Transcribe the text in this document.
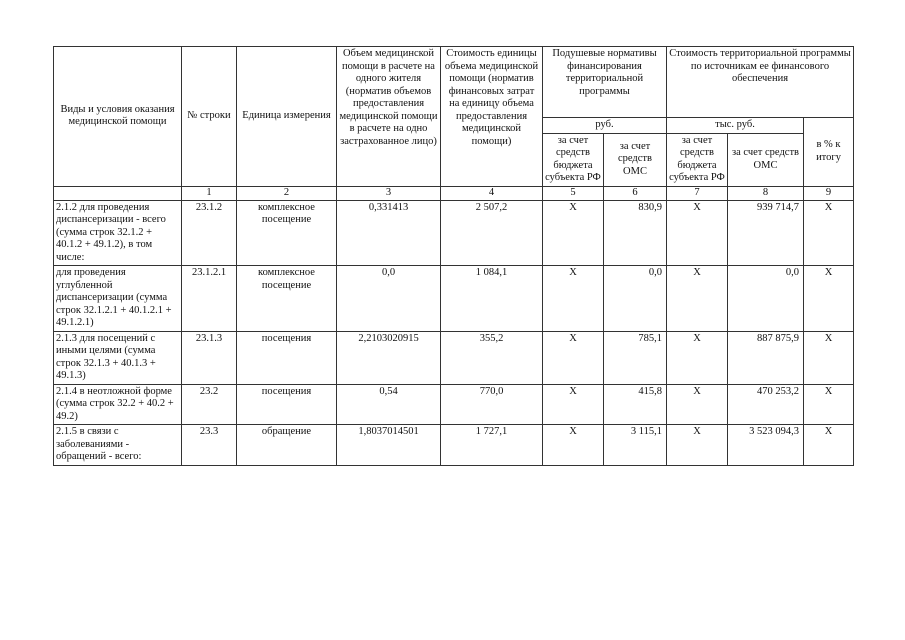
Виды и условия оказания медицинской помощи	№ строки	Единица измерения	Объем медицинской помощи в расчете на одного жителя (норматив объемов предоставления медицинской помощи в расчете на одно застрахованное лицо)	Стоимость единицы объема медицинской помощи (норматив финансовых затрат на единицу объема предоставления медицинской помощи)	Подушевые нормативы финансирования территориальной программы		Стоимость территориальной программы по источникам ее финансового обеспечения		
					руб.		тыс. руб.		в % к итогу
					за счет средств бюджета субъекта РФ	за счет средств ОМС	за счет средств бюджета субъекта РФ	за счет средств ОМС	
	1	2	3	4	5	6	7	8	9
2.1.2 для проведения диспансеризации - всего (сумма строк 32.1.2 + 40.1.2 + 49.1.2), в том числе:	23.1.2	комплексное посещение	0,331413	2 507,2	Х	830,9	Х	939 714,7	Х
для проведения углубленной диспансеризации (сумма строк 32.1.2.1 + 40.1.2.1 + 49.1.2.1)	23.1.2.1	комплексное посещение	0,0	1 084,1	Х	0,0	Х	0,0	Х
2.1.3 для посещений с иными целями (сумма строк 32.1.3 + 40.1.3 + 49.1.3)	23.1.3	посещения	2,2103020915	355,2	Х	785,1	Х	887 875,9	Х
2.1.4 в неотложной форме (сумма строк 32.2 + 40.2 + 49.2)	23.2	посещения	0,54	770,0	Х	415,8	Х	470 253,2	Х
2.1.5 в связи с заболеваниями - обращений - всего:	23.3	обращение	1,8037014501	1 727,1	Х	3 115,1	Х	3 523 094,3	Х
